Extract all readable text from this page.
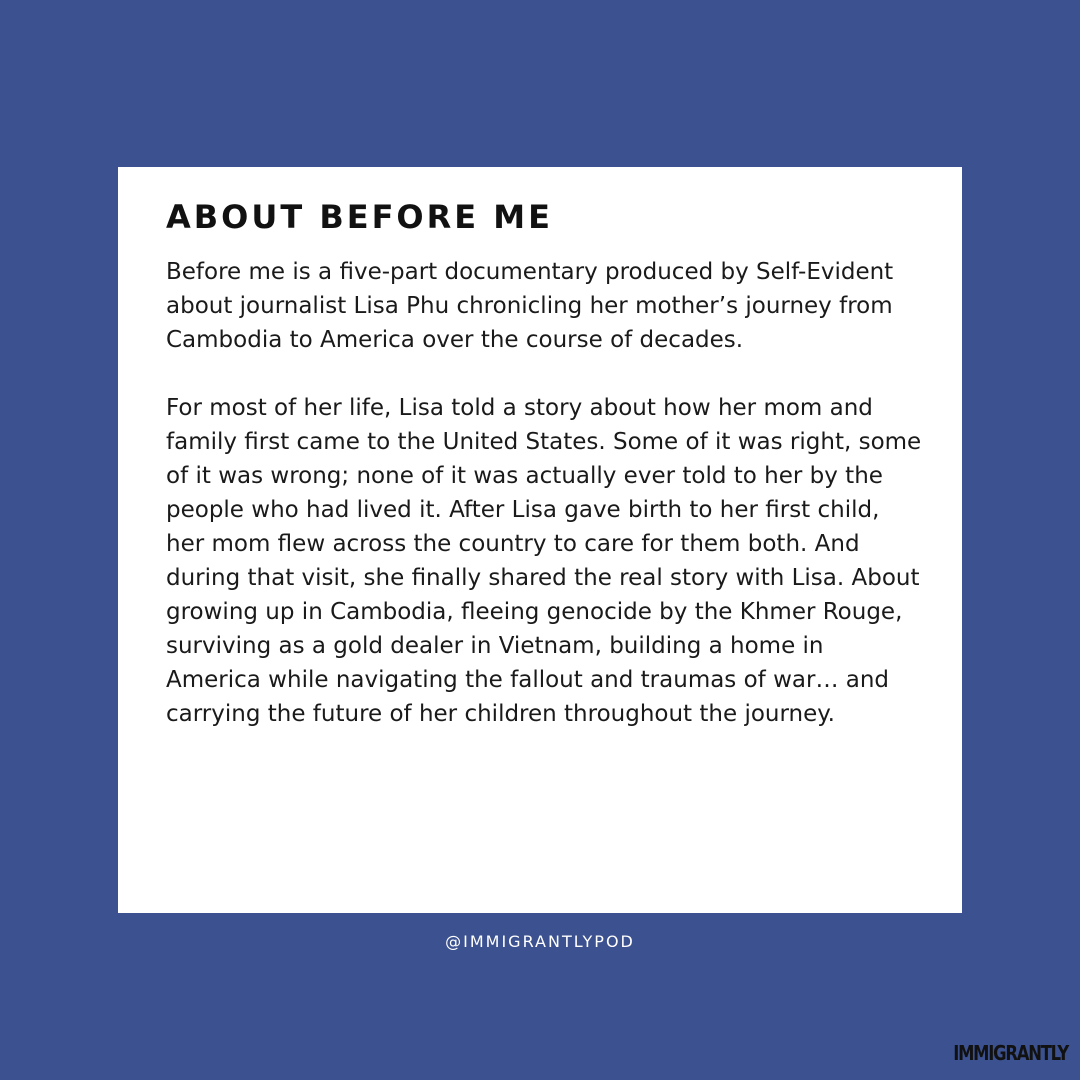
ABOUT BEFORE ME

Before me is a five-part documentary produced by Self-Evident about journalist Lisa Phu chronicling her mother’s journey from Cambodia to America over the course of decades.

For most of her life, Lisa told a story about how her mom and family first came to the United States. Some of it was right, some of it was wrong; none of it was actually ever told to her by the people who had lived it. After Lisa gave birth to her first child, her mom flew across the country to care for them both. And during that visit, she finally shared the real story with Lisa. About growing up in Cambodia, fleeing genocide by the Khmer Rouge, surviving as a gold dealer in Vietnam, building a home in America while navigating the fallout and traumas of war… and carrying the future of her children throughout the journey.

@IMMIGRANTLYPOD
IMMIGRANTLY
